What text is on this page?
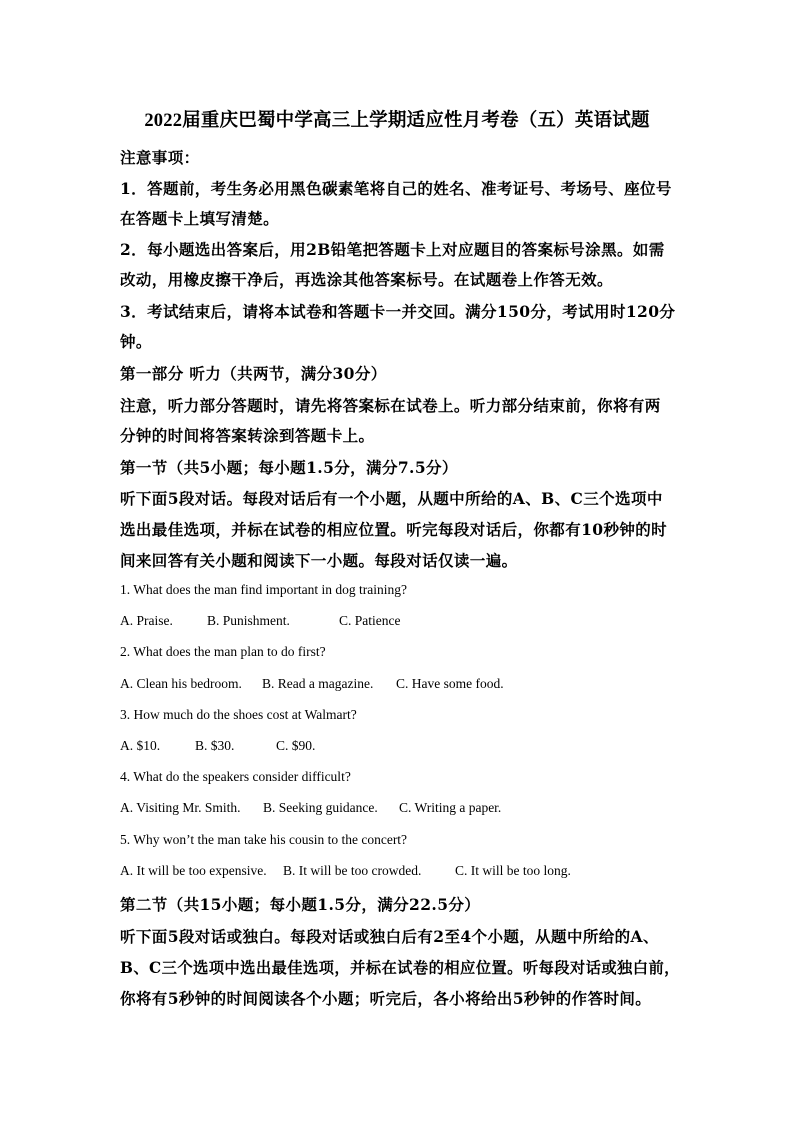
2022届重庆巴蜀中学高三上学期适应性月考卷（五）英语试题
注意事项：
1．答题前，考生务必用黑色碳素笔将自己的姓名、准考证号、考场号、座位号
在答题卡上填写清楚。
2．每小题选出答案后，用2B铅笔把答题卡上对应题目的答案标号涂黑。如需
改动，用橡皮擦干净后，再选涂其他答案标号。在试题卷上作答无效。
3．考试结束后，请将本试卷和答题卡一并交回。满分150分，考试用时120分
钟。
第一部分 听力（共两节，满分30分）
注意，听力部分答题时，请先将答案标在试卷上。听力部分结束前，你将有两
分钟的时间将答案转涂到答题卡上。
第一节（共5小题；每小题1.5分，满分7.5分）
听下面5段对话。每段对话后有一个小题，从题中所给的A、B、C三个选项中
选出最佳选项，并标在试卷的相应位置。听完每段对话后，你都有10秒钟的时
间来回答有关小题和阅读下一小题。每段对话仅读一遍。
1. What does the man find important in dog training?
A. Praise.	B. Punishment.	C. Patience
2. What does the man plan to do first?
A. Clean his bedroom. B. Read a magazine. C. Have some food.
3. How much do the shoes cost at Walmart?
A. $10.	B. $30.	C. $90.
4. What do the speakers consider difficult?
A. Visiting Mr. Smith. B. Seeking guidance. C. Writing a paper.
5. Why won’t the man take his cousin to the concert?
A. It will be too expensive. B. It will be too crowded. C. It will be too long.
第二节（共15小题；每小题1.5分，满分22.5分）
听下面5段对话或独白。每段对话或独白后有2至4个小题，从题中所给的A、
B、C三个选项中选出最佳选项，并标在试卷的相应位置。听每段对话或独白前，
你将有5秒钟的时间阅读各个小题；听完后，各小将给出5秒钟的作答时间。
